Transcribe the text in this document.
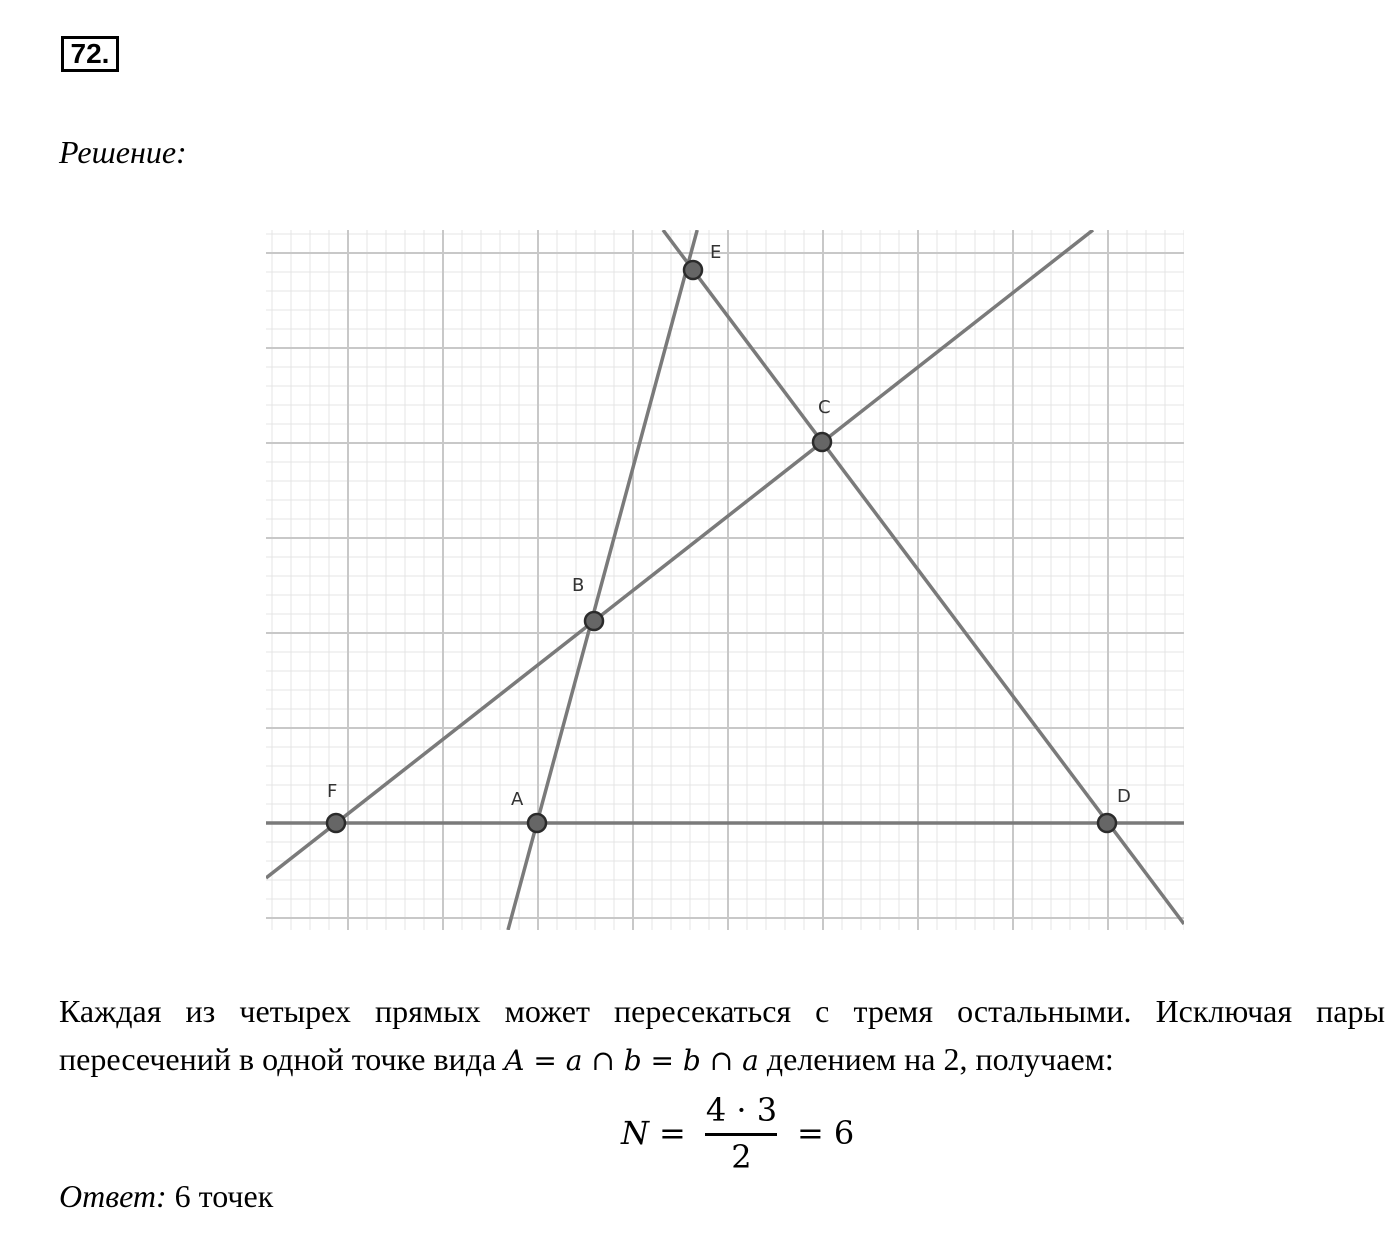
72.
Решение:
E
C
B
F	A	D
Каждая из четырех прямых может пересекаться с тремя остальными. Исключая пары
пересечений в одной точке вида A = a ∩ b = b ∩ a делением на 2, получаем:
$N = \frac{4 \cdot 3}{2} = 6$
Ответ: 6 точек
